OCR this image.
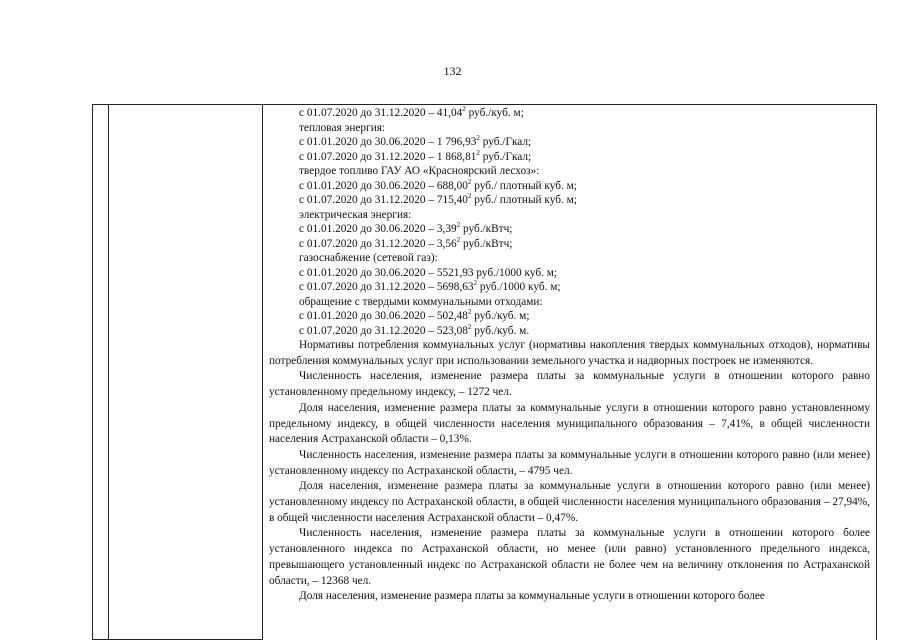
132

с 01.07.2020 до 31.12.2020 – 41,04$^2$ руб./куб. м;
тепловая энергия:
с 01.01.2020 до 30.06.2020 – 1 796,93$^2$ руб./Гкал;
с 01.07.2020 до 31.12.2020 – 1 868,81$^2$ руб./Гкал;
твердое топливо ГАУ АО «Красноярский лесхоз»:
с 01.01.2020 до 30.06.2020 – 688,00$^2$ руб./ плотный куб. м;
с 01.07.2020 до 31.12.2020 – 715,40$^2$ руб./ плотный куб. м;
электрическая энергия:
с 01.01.2020 до 30.06.2020 – 3,39$^2$ руб./кВтч;
с 01.07.2020 до 31.12.2020 – 3,56$^2$ руб./кВтч;
газоснабжение (сетевой газ):
с 01.01.2020 до 30.06.2020 – 5521,93 руб./1000 куб. м;
с 01.07.2020 до 31.12.2020 – 5698,63$^2$ руб./1000 куб. м;
обращение с твердыми коммунальными отходами:
с 01.01.2020 до 30.06.2020 – 502,48$^2$ руб./куб. м;
с 01.07.2020 до 31.12.2020 – 523,08$^2$ руб./куб. м.
Нормативы потребления коммунальных услуг (нормативы накопления твердых коммунальных отходов), нормативы потребления коммунальных услуг при использовании земельного участка и надворных построек не изменяются.
Численность населения, изменение размера платы за коммунальные услуги в отношении которого равно установленному предельному индексу, – 1272 чел.
Доля населения, изменение размера платы за коммунальные услуги в отношении которого равно установленному предельному индексу, в общей численности населения муниципального образования – 7,41%, в общей численности населения Астраханской области – 0,13%.
Численность населения, изменение размера платы за коммунальные услуги в отношении которого равно (или менее) установленному индексу по Астраханской области, – 4795 чел.
Доля населения, изменение размера платы за коммунальные услуги в отношении которого равно (или менее) установленному индексу по Астраханской области, в общей численности населения муниципального образования – 27,94%, в общей численности населения Астраханской области – 0,47%.
Численность населения, изменение размера платы за коммунальные услуги в отношении которого более установленного индекса по Астраханской области, но менее (или равно) установленного предельного индекса, превышающего установленный индекс по Астраханской области не более чем на величину отклонения по Астраханской области, – 12368 чел.
Доля населения, изменение размера платы за коммунальные услуги в отношении которого более
